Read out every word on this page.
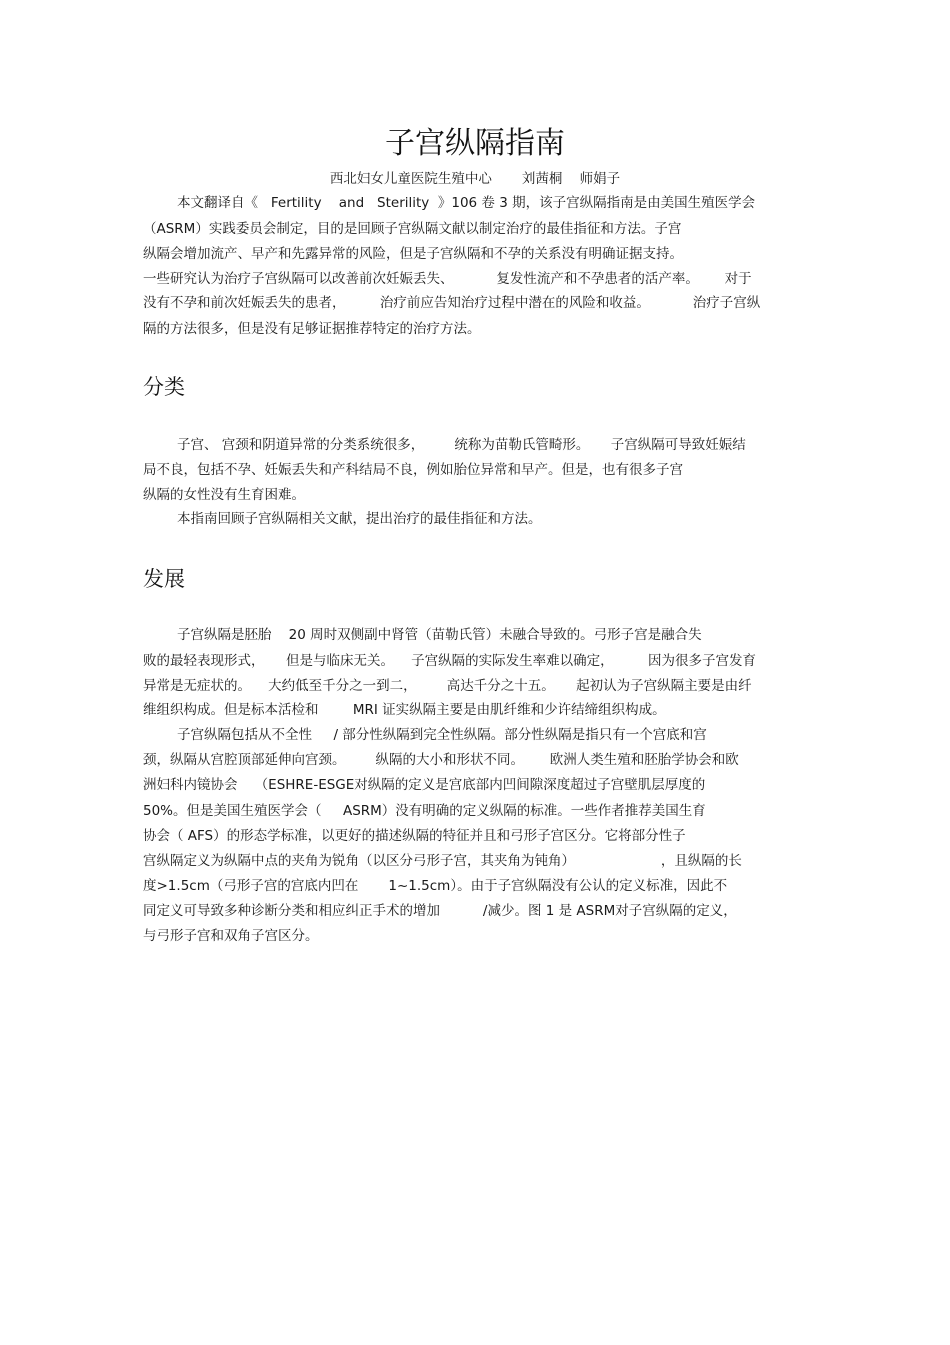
子宫纵隔指南
西北妇女儿童医院生殖中心       刘茜桐    师娟子
本文翻译自《   Fertility    and   Sterility  》106 卷 3 期，该子宫纵隔指南是由美国生殖医学会
（ASRM）实践委员会制定，目的是回顾子宫纵隔文献以制定治疗的最佳指征和方法。子宫
纵隔会增加流产、早产和先露异常的风险，但是子宫纵隔和不孕的关系没有明确证据支持。
一些研究认为治疗子宫纵隔可以改善前次妊娠丢失、          复发性流产和不孕患者的活产率。      对于
没有不孕和前次妊娠丢失的患者，        治疗前应告知治疗过程中潜在的风险和收益。          治疗子宫纵
隔的方法很多，但是没有足够证据推荐特定的治疗方法。
分类
子宫、 宫颈和阴道异常的分类系统很多，       统称为苗勒氏管畸形。     子宫纵隔可导致妊娠结
局不良，包括不孕、妊娠丢失和产科结局不良，例如胎位异常和早产。但是，也有很多子宫
纵隔的女性没有生育困难。
本指南回顾子宫纵隔相关文献，提出治疗的最佳指征和方法。
发展
子宫纵隔是胚胎    20 周时双侧副中肾管（苗勒氏管）未融合导致的。弓形子宫是融合失
败的最轻表现形式，     但是与临床无关。    子宫纵隔的实际发生率难以确定，        因为很多子宫发育
异常是无症状的。    大约低至千分之一到二，       高达千分之十五。     起初认为子宫纵隔主要是由纤
维组织构成。但是标本活检和        MRI 证实纵隔主要是由肌纤维和少许结缔组织构成。
子宫纵隔包括从不全性     / 部分性纵隔到完全性纵隔。部分性纵隔是指只有一个宫底和宫
颈，纵隔从宫腔顶部延伸向宫颈。       纵隔的大小和形状不同。      欧洲人类生殖和胚胎学协会和欧
洲妇科内镜协会    （ESHRE-ESGE对纵隔的定义是宫底部内凹间隙深度超过子宫壁肌层厚度的
50%。但是美国生殖医学会（     ASRM）没有明确的定义纵隔的标准。一些作者推荐美国生育
协会（ AFS）的形态学标准，以更好的描述纵隔的特征并且和弓形子宫区分。它将部分性子
宫纵隔定义为纵隔中点的夹角为锐角（以区分弓形子宫，其夹角为钝角）                    ，且纵隔的长
度>1.5cm（弓形子宫的宫底内凹在       1~1.5cm）。由于子宫纵隔没有公认的定义标准，因此不
同定义可导致多种诊断分类和相应纠正手术的增加          /减少。图 1 是 ASRM对子宫纵隔的定义，
与弓形子宫和双角子宫区分。
